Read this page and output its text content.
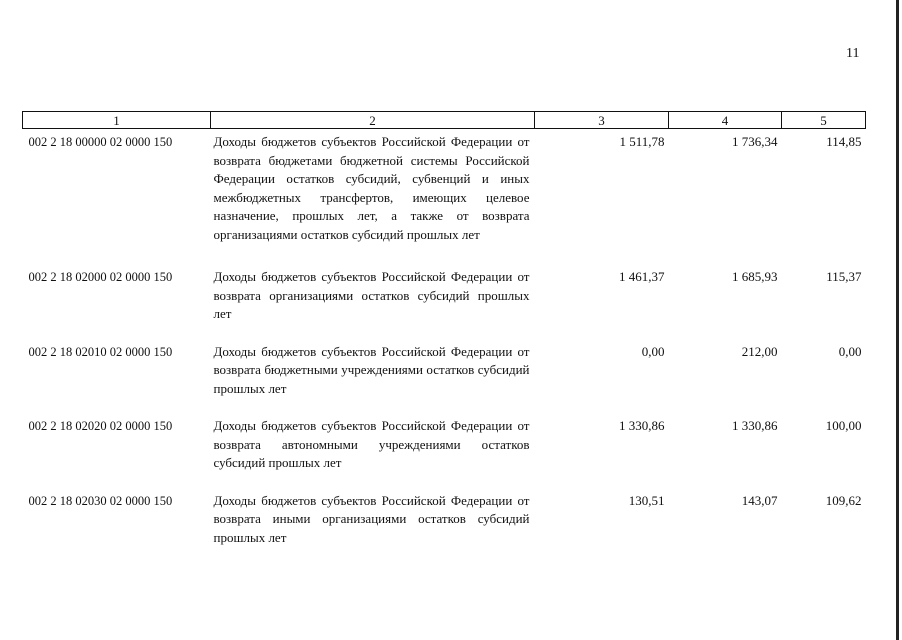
11
1	2	3	4	5

002 2 18 00000 02 0000 150	Доходы бюджетов субъектов Российской Федерации от возврата бюджетами бюджетной системы Российской Федерации остатков субсидий, субвенций и иных межбюджетных трансфертов, имеющих целевое назначение, прошлых лет, а также от возврата организациями остатков субсидий прошлых лет	1 511,78	1 736,34	114,85

002 2 18 02000 02 0000 150	Доходы бюджетов субъектов Российской Федерации от возврата организациями остатков субсидий прошлых лет	1 461,37	1 685,93	115,37

002 2 18 02010 02 0000 150	Доходы бюджетов субъектов Российской Федерации от возврата бюджетными учреждениями остатков субсидий прошлых лет	0,00	212,00	0,00

002 2 18 02020 02 0000 150	Доходы бюджетов субъектов Российской Федерации от возврата автономными учреждениями остатков субсидий прошлых лет	1 330,86	1 330,86	100,00

002 2 18 02030 02 0000 150	Доходы бюджетов субъектов Российской Федерации от возврата иными организациями остатков субсидий прошлых лет	130,51	143,07	109,62
